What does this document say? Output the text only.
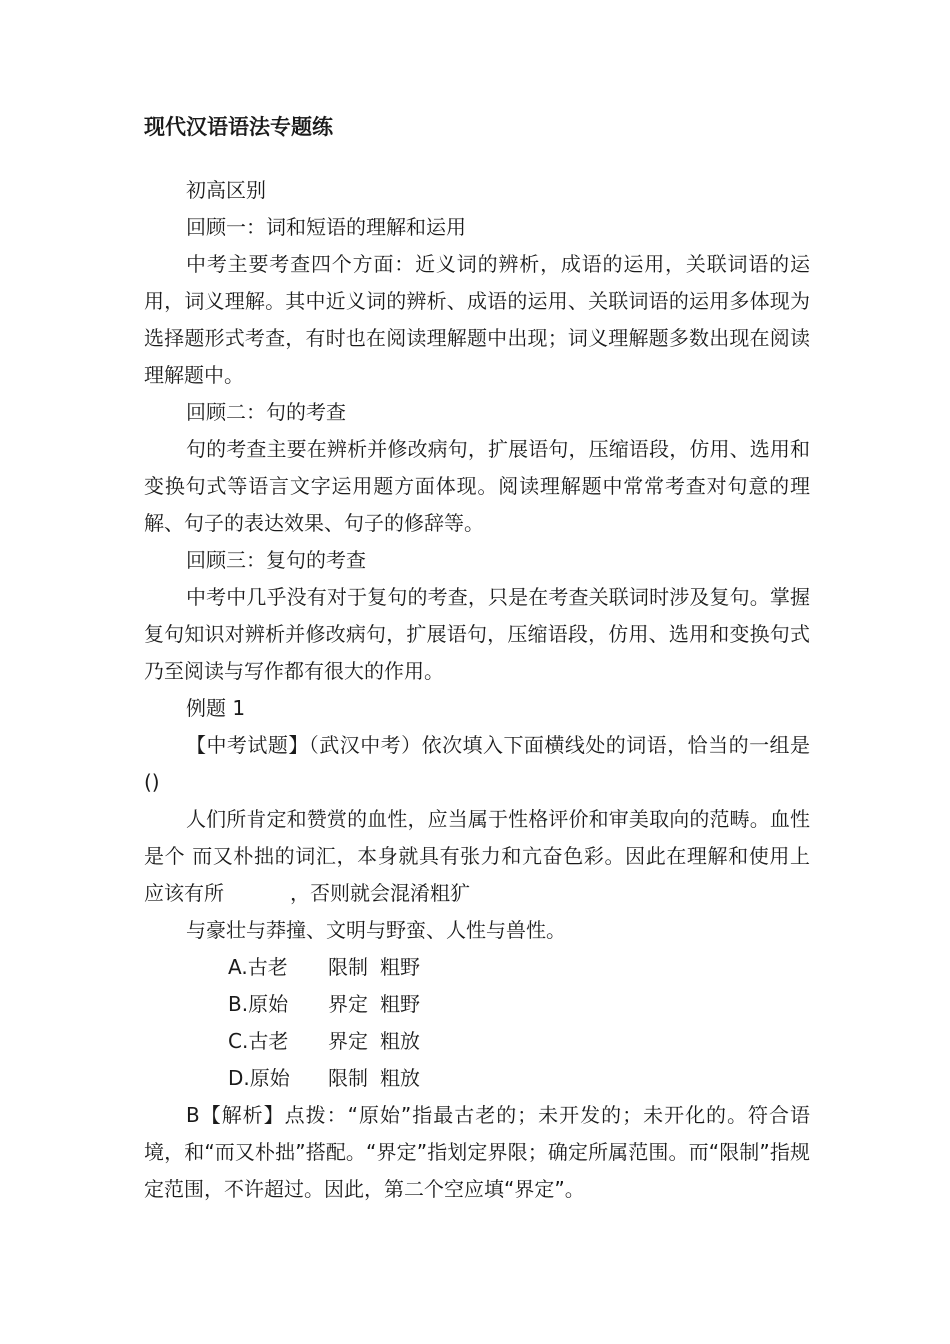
现代汉语语法专题练

初高区别

回顾一：词和短语的理解和运用

中考主要考查四个方面：近义词的辨析，成语的运用，关联词语的运用，词义理解。其中近义词的辨析、成语的运用、关联词语的运用多体现为选择题形式考查，有时也在阅读理解题中出现；词义理解题多数出现在阅读理解题中。

回顾二：句的考查

句的考查主要在辨析并修改病句，扩展语句，压缩语段，仿用、选用和变换句式等语言文字运用题方面体现。阅读理解题中常常考查对句意的理解、句子的表达效果、句子的修辞等。

回顾三：复句的考查

中考中几乎没有对于复句的考查，只是在考查关联词时涉及复句。掌握复句知识对辨析并修改病句，扩展语句，压缩语段，仿用、选用和变换句式乃至阅读与写作都有很大的作用。

例题 1

【中考试题】（武汉中考）依次填入下面横线处的词语，恰当的一组是()

人们所肯定和赞赏的血性，应当属于性格评价和审美取向的范畴。血性是个 而又朴拙的词汇，本身就具有张力和亢奋色彩。因此在理解和使用上应该有所	，否则就会混淆粗犷

与豪壮与莽撞、文明与野蛮、人性与兽性。

A.古老 限制 粗野

B.原始 界定 粗野

C.古老 界定 粗放

D.原始 限制 粗放

B【解析】点拨：“原始”指最古老的；未开发的；未开化的。符合语境，和“而又朴拙”搭配。“界定”指划定界限；确定所属范围。而“限制”指规定范围，不许超过。因此，第二个空应填“界定”。
